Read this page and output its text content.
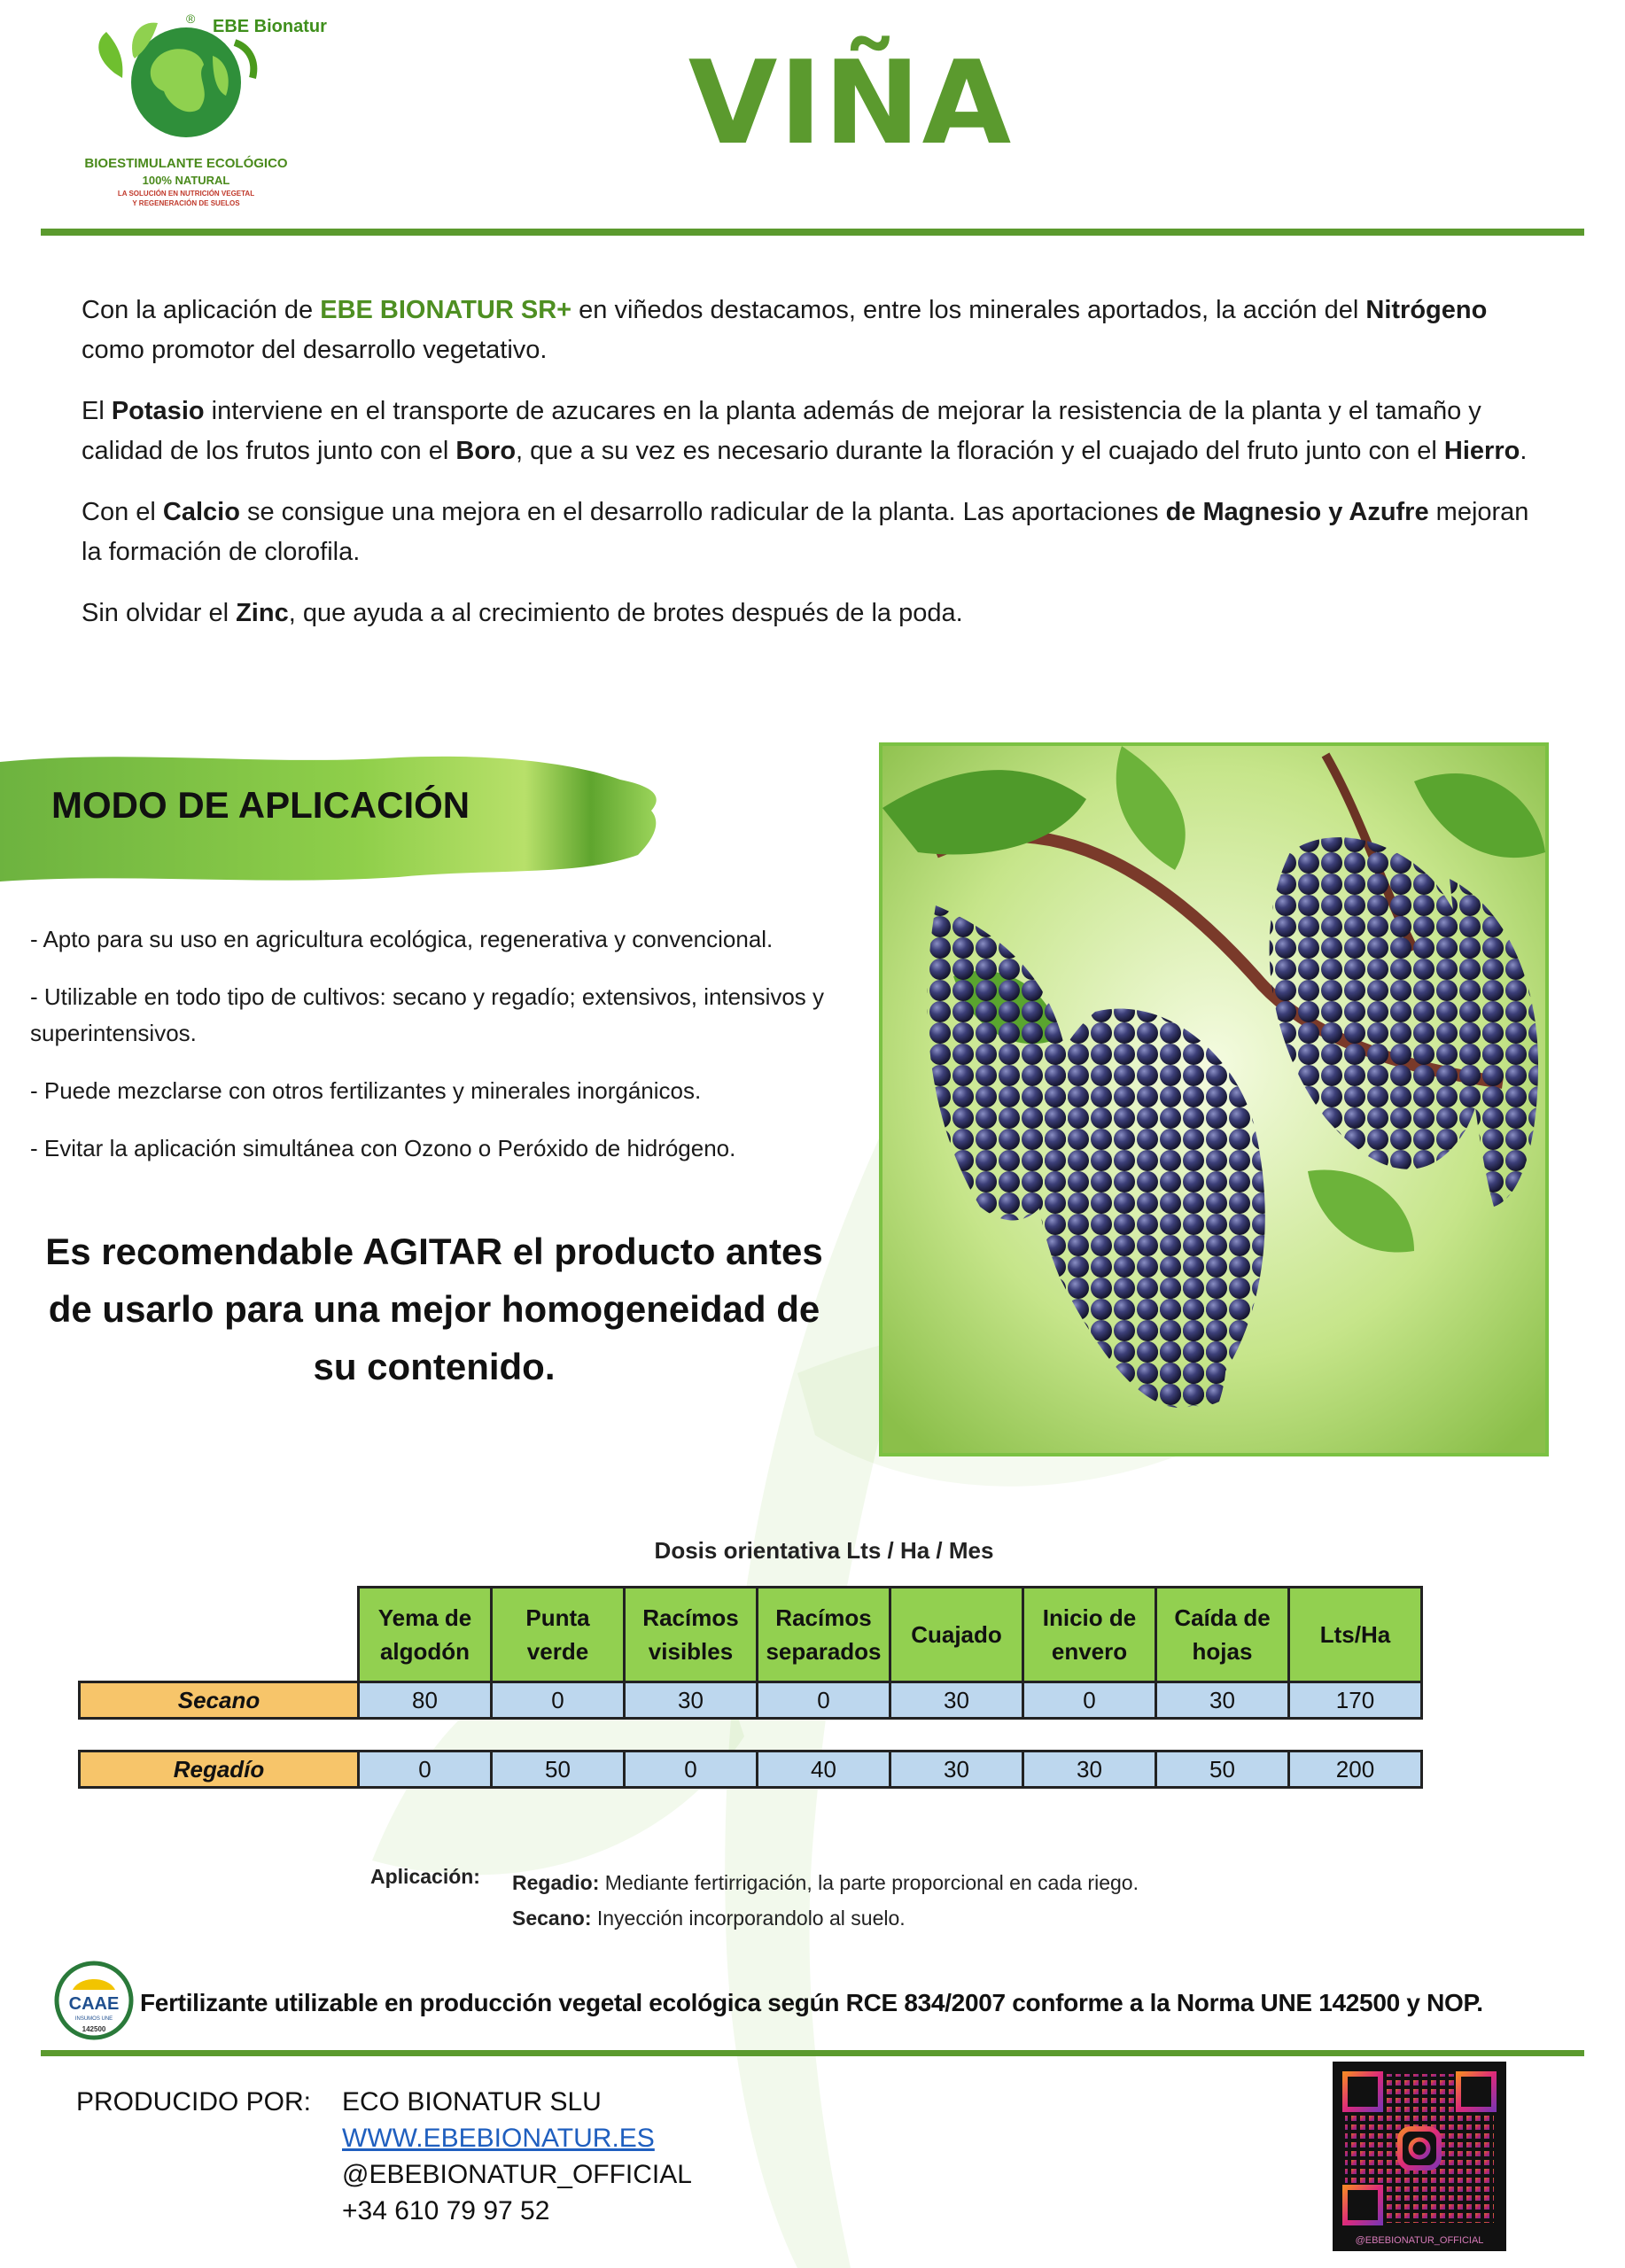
EBE Bionatur
®
BIOESTIMULANTE ECOLÓGICO
100% NATURAL
LA SOLUCIÓN EN NUTRICIÓN VEGETAL
Y REGENERACIÓN DE SUELOS
VIÑA

Con la aplicación de EBE BIONATUR SR+ en viñedos destacamos, entre los minerales aportados, la acción del Nitrógeno como promotor del desarrollo vegetativo.

El Potasio interviene en el transporte de azucares en la planta además de mejorar la resistencia de la planta y el tamaño y calidad de los frutos junto con el Boro, que a su vez es necesario durante la floración y el cuajado del fruto junto con el Hierro.

Con el Calcio se consigue una mejora en el desarrollo radicular de la planta. Las aportaciones de Magnesio y Azufre mejoran la formación de clorofila.

Sin olvidar el Zinc, que ayuda a al crecimiento de brotes después de la poda.

MODO DE APLICACIÓN
- Apto para su uso en agricultura ecológica, regenerativa y convencional.
- Utilizable en todo tipo de cultivos: secano y regadío; extensivos, intensivos y superintensivos.
- Puede mezclarse con otros fertilizantes y minerales inorgánicos.
- Evitar la aplicación simultánea con Ozono o Peróxido de hidrógeno.
Es recomendable AGITAR el producto antes de usarlo para una mejor homogeneidad de su contenido.
Dosis orientativa Lts / Ha / Mes
	Yema de algodón	Punta verde	Racímos visibles	Racímos separados	Cuajado	Inicio de envero	Caída de hojas	Lts/Ha
Secano	80	0	30	0	30	0	30	170

Regadío	0	50	0	40	30	30	50	200
Aplicación: Regadio: Mediante fertirrigación, la parte proporcional en cada riego.
Secano: Inyección incorporandolo al suelo.
CAAE
INSUMOS UNE
142500
Fertilizante utilizable en producción vegetal ecológica según RCE 834/2007 conforme a la Norma UNE 142500 y NOP.
PRODUCIDO POR: ECO BIONATUR SLU
WWW.EBEBIONATUR.ES
@EBEBIONATUR_OFFICIAL
+34 610 79 97 52
@EBEBIONATUR_OFFICIAL
